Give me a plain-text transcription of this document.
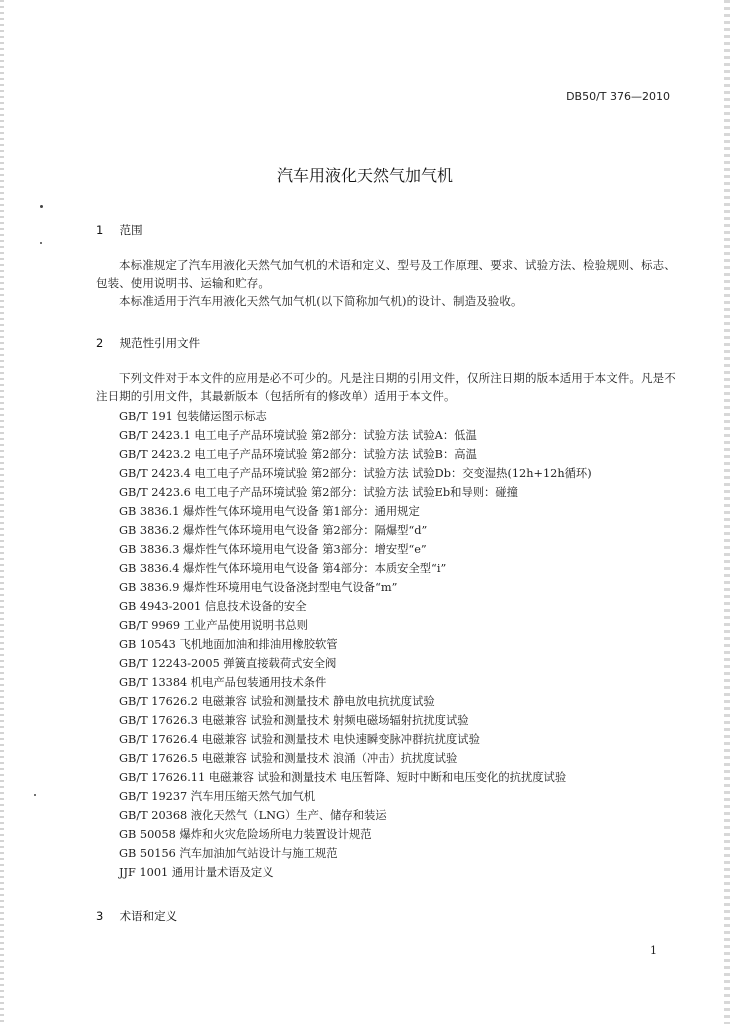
DB50/T 376—2010
汽车用液化天然气加气机
1 范围

本标准规定了汽车用液化天然气加气机的术语和定义、型号及工作原理、要求、试验方法、检验规则、标志、包装、使用说明书、运输和贮存。

本标准适用于汽车用液化天然气加气机(以下简称加气机)的设计、制造及验收。

2 规范性引用文件

下列文件对于本文件的应用是必不可少的。凡是注日期的引用文件，仅所注日期的版本适用于本文件。凡是不注日期的引用文件，其最新版本（包括所有的修改单）适用于本文件。

GB/T 191 包装储运图示标志
GB/T 2423.1 电工电子产品环境试验 第2部分：试验方法 试验A：低温
GB/T 2423.2 电工电子产品环境试验 第2部分：试验方法 试验B：高温
GB/T 2423.4 电工电子产品环境试验 第2部分：试验方法 试验Db：交变湿热(12h+12h循环)
GB/T 2423.6 电工电子产品环境试验 第2部分：试验方法 试验Eb和导则：碰撞
GB 3836.1 爆炸性气体环境用电气设备 第1部分：通用规定
GB 3836.2 爆炸性气体环境用电气设备 第2部分：隔爆型“d”
GB 3836.3 爆炸性气体环境用电气设备 第3部分：增安型“e”
GB 3836.4 爆炸性气体环境用电气设备 第4部分：本质安全型“i”
GB 3836.9 爆炸性环境用电气设备浇封型电气设备“m”
GB 4943-2001 信息技术设备的安全
GB/T 9969 工业产品使用说明书总则
GB 10543 飞机地面加油和排油用橡胶软管
GB/T 12243-2005 弹簧直接载荷式安全阀
GB/T 13384 机电产品包装通用技术条件
GB/T 17626.2 电磁兼容 试验和测量技术 静电放电抗扰度试验
GB/T 17626.3 电磁兼容 试验和测量技术 射频电磁场辐射抗扰度试验
GB/T 17626.4 电磁兼容 试验和测量技术 电快速瞬变脉冲群抗扰度试验
GB/T 17626.5 电磁兼容 试验和测量技术 浪涌（冲击）抗扰度试验
GB/T 17626.11 电磁兼容 试验和测量技术 电压暂降、短时中断和电压变化的抗扰度试验
GB/T 19237 汽车用压缩天然气加气机
GB/T 20368 液化天然气（LNG）生产、储存和装运
GB 50058 爆炸和火灾危险场所电力装置设计规范
GB 50156 汽车加油加气站设计与施工规范
JJF 1001 通用计量术语及定义
3 术语和定义
1
